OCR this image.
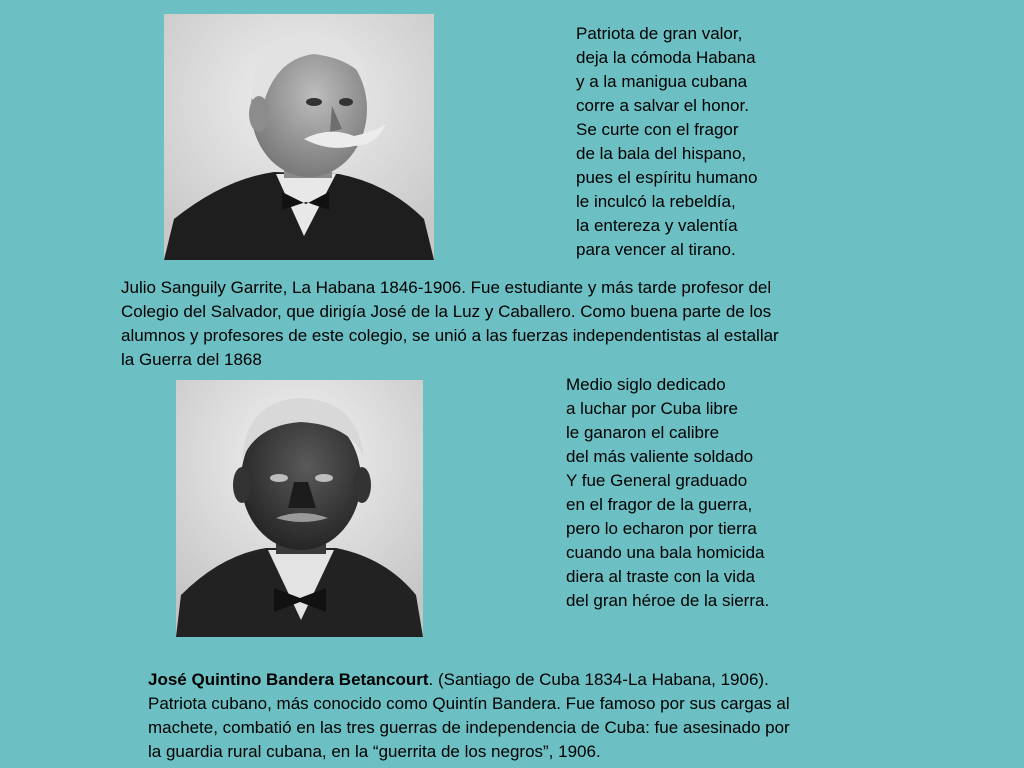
Patriota de gran valor,
deja la cómoda Habana
y a la manigua cubana
corre a salvar el honor.
Se curte con el fragor
de la bala del hispano,
pues el espíritu humano
le inculcó la rebeldía,
la entereza y valentía
para vencer al tirano.
Julio Sanguily Garrite, La Habana 1846-1906. Fue estudiante y más tarde profesor del
Colegio del Salvador, que dirigía José de la Luz y Caballero. Como buena parte de los
alumnos y profesores de este colegio, se unió a las fuerzas independentistas al estallar
la Guerra del 1868
Medio siglo dedicado
a luchar por Cuba libre
le ganaron el calibre
del más valiente soldado
Y fue General graduado
en el fragor de la guerra,
pero lo echaron por tierra
cuando una bala homicida
diera al traste con la vida
del gran héroe de la sierra.
José Quintino Bandera Betancourt. (Santiago de Cuba 1834-La Habana, 1906).
Patriota cubano, más conocido como Quintín Bandera. Fue famoso por sus cargas al
machete, combatió en las tres guerras de independencia de Cuba: fue asesinado por
la guardia rural cubana, en la “guerrita de los negros”, 1906.
